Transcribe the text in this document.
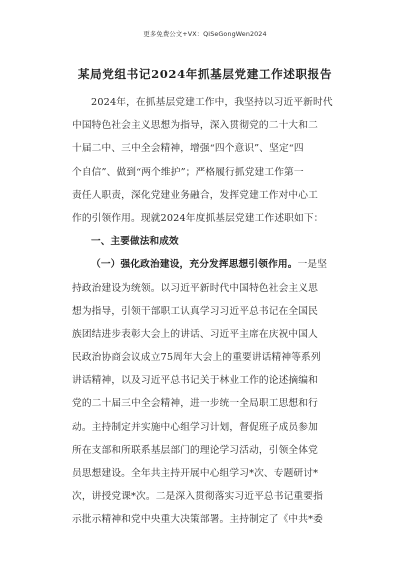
更多免费公文+VX：QiSeGongWen2024
某局党组书记2024年抓基层党建工作述职报告
2024年，在抓基层党建工作中，我坚持以习近平新时代
中国特色社会主义思想为指导，深入贯彻党的二十大和二
十届二中、三中全会精神，增强“四个意识”、坚定“四
个自信”、做到“两个维护”；严格履行抓党建工作第一
责任人职责，深化党建业务融合，发挥党建工作对中心工
作的引领作用。现就2024年度抓基层党建工作述职如下：
一、主要做法和成效
（一）强化政治建设，充分发挥思想引领作用。一是坚
持政治建设为统领。以习近平新时代中国特色社会主义思
想为指导，引领干部职工认真学习习近平总书记在全国民
族团结进步表彰大会上的讲话、习近平主席在庆祝中国人
民政治协商会议成立75周年大会上的重要讲话精神等系列
讲话精神，以及习近平总书记关于林业工作的论述摘编和
党的二十届三中全会精神，进一步统一全局职工思想和行
动。主持制定并实施中心组学习计划，督促班子成员参加
所在支部和所联系基层部门的理论学习活动，引领全体党
员思想建设。全年共主持开展中心组学习*次、专题研讨*
次，讲授党课*次。二是深入贯彻落实习近平总书记重要指
示批示精神和党中央重大决策部署。主持制定了《中共*委
